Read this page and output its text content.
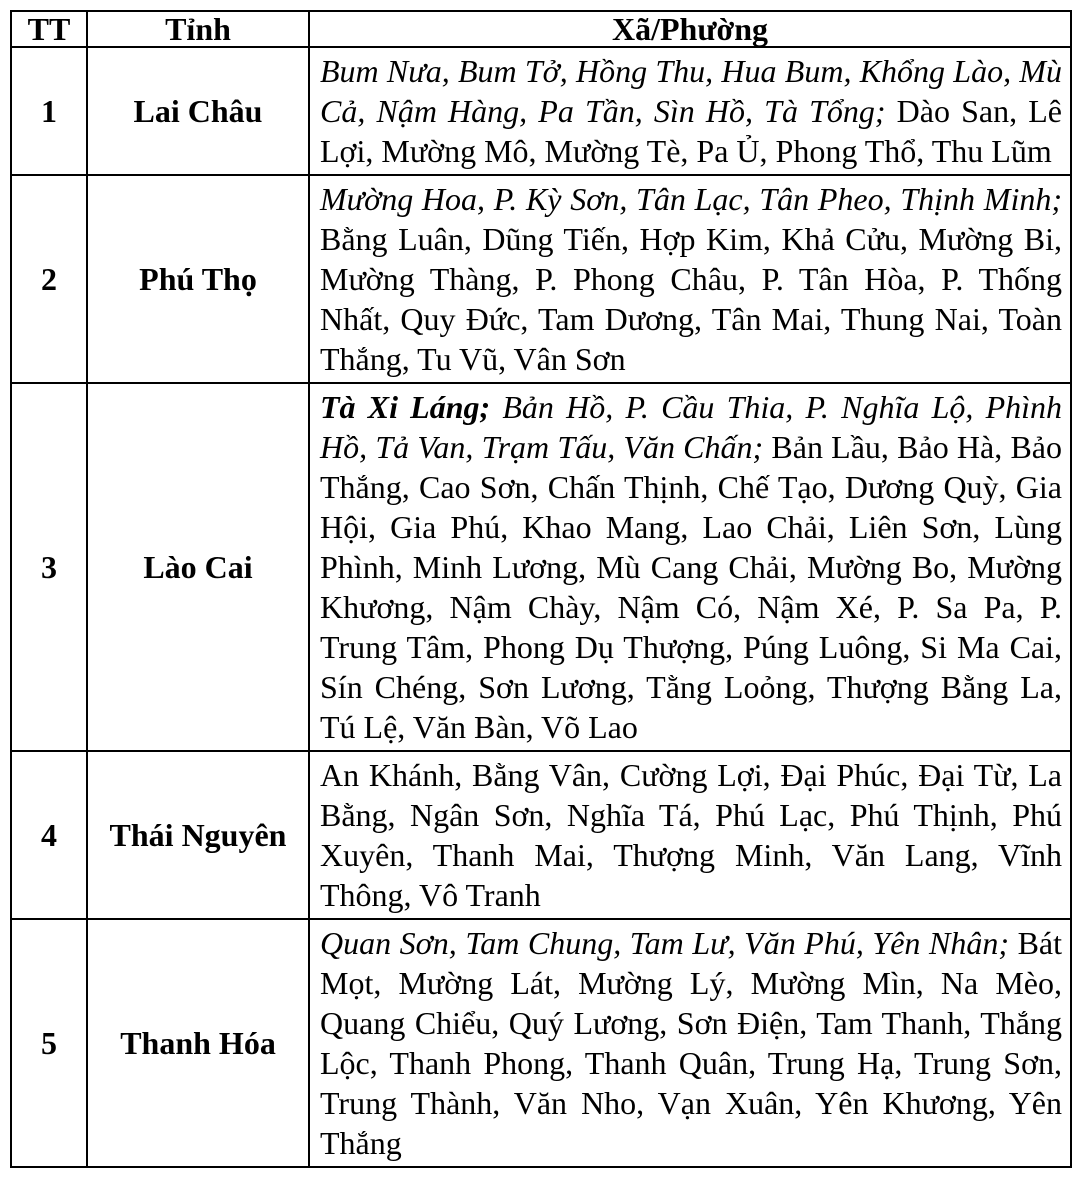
TT	Tỉnh	Xã/Phường
1	Lai Châu	Bum Nưa, Bum Tở, Hồng Thu, Hua Bum, Khổng Lào, Mù Cả, Nậm Hàng, Pa Tần, Sìn Hồ, Tà Tổng; Dào San, Lê Lợi, Mường Mô, Mường Tè, Pa Ủ, Phong Thổ, Thu Lũm
2	Phú Thọ	Mường Hoa, P. Kỳ Sơn, Tân Lạc, Tân Pheo, Thịnh Minh; Bằng Luân, Dũng Tiến, Hợp Kim, Khả Cửu, Mường Bi, Mường Thàng, P. Phong Châu, P. Tân Hòa, P. Thống Nhất, Quy Đức, Tam Dương, Tân Mai, Thung Nai, Toàn Thắng, Tu Vũ, Vân Sơn
3	Lào Cai	Tà Xi Láng; Bản Hồ, P. Cầu Thia, P. Nghĩa Lộ, Phình Hồ, Tả Van, Trạm Tấu, Văn Chấn; Bản Lầu, Bảo Hà, Bảo Thắng, Cao Sơn, Chấn Thịnh, Chế Tạo, Dương Quỳ, Gia Hội, Gia Phú, Khao Mang, Lao Chải, Liên Sơn, Lùng Phình, Minh Lương, Mù Cang Chải, Mường Bo, Mường Khương, Nậm Chày, Nậm Có, Nậm Xé, P. Sa Pa, P. Trung Tâm, Phong Dụ Thượng, Púng Luông, Si Ma Cai, Sín Chéng, Sơn Lương, Tằng Loỏng, Thượng Bằng La, Tú Lệ, Văn Bàn, Võ Lao
4	Thái Nguyên	An Khánh, Bằng Vân, Cường Lợi, Đại Phúc, Đại Từ, La Bằng, Ngân Sơn, Nghĩa Tá, Phú Lạc, Phú Thịnh, Phú Xuyên, Thanh Mai, Thượng Minh, Văn Lang, Vĩnh Thông, Vô Tranh
5	Thanh Hóa	Quan Sơn, Tam Chung, Tam Lư, Văn Phú, Yên Nhân; Bát Mọt, Mường Lát, Mường Lý, Mường Mìn, Na Mèo, Quang Chiểu, Quý Lương, Sơn Điện, Tam Thanh, Thắng Lộc, Thanh Phong, Thanh Quân, Trung Hạ, Trung Sơn, Trung Thành, Văn Nho, Vạn Xuân, Yên Khương, Yên Thắng
